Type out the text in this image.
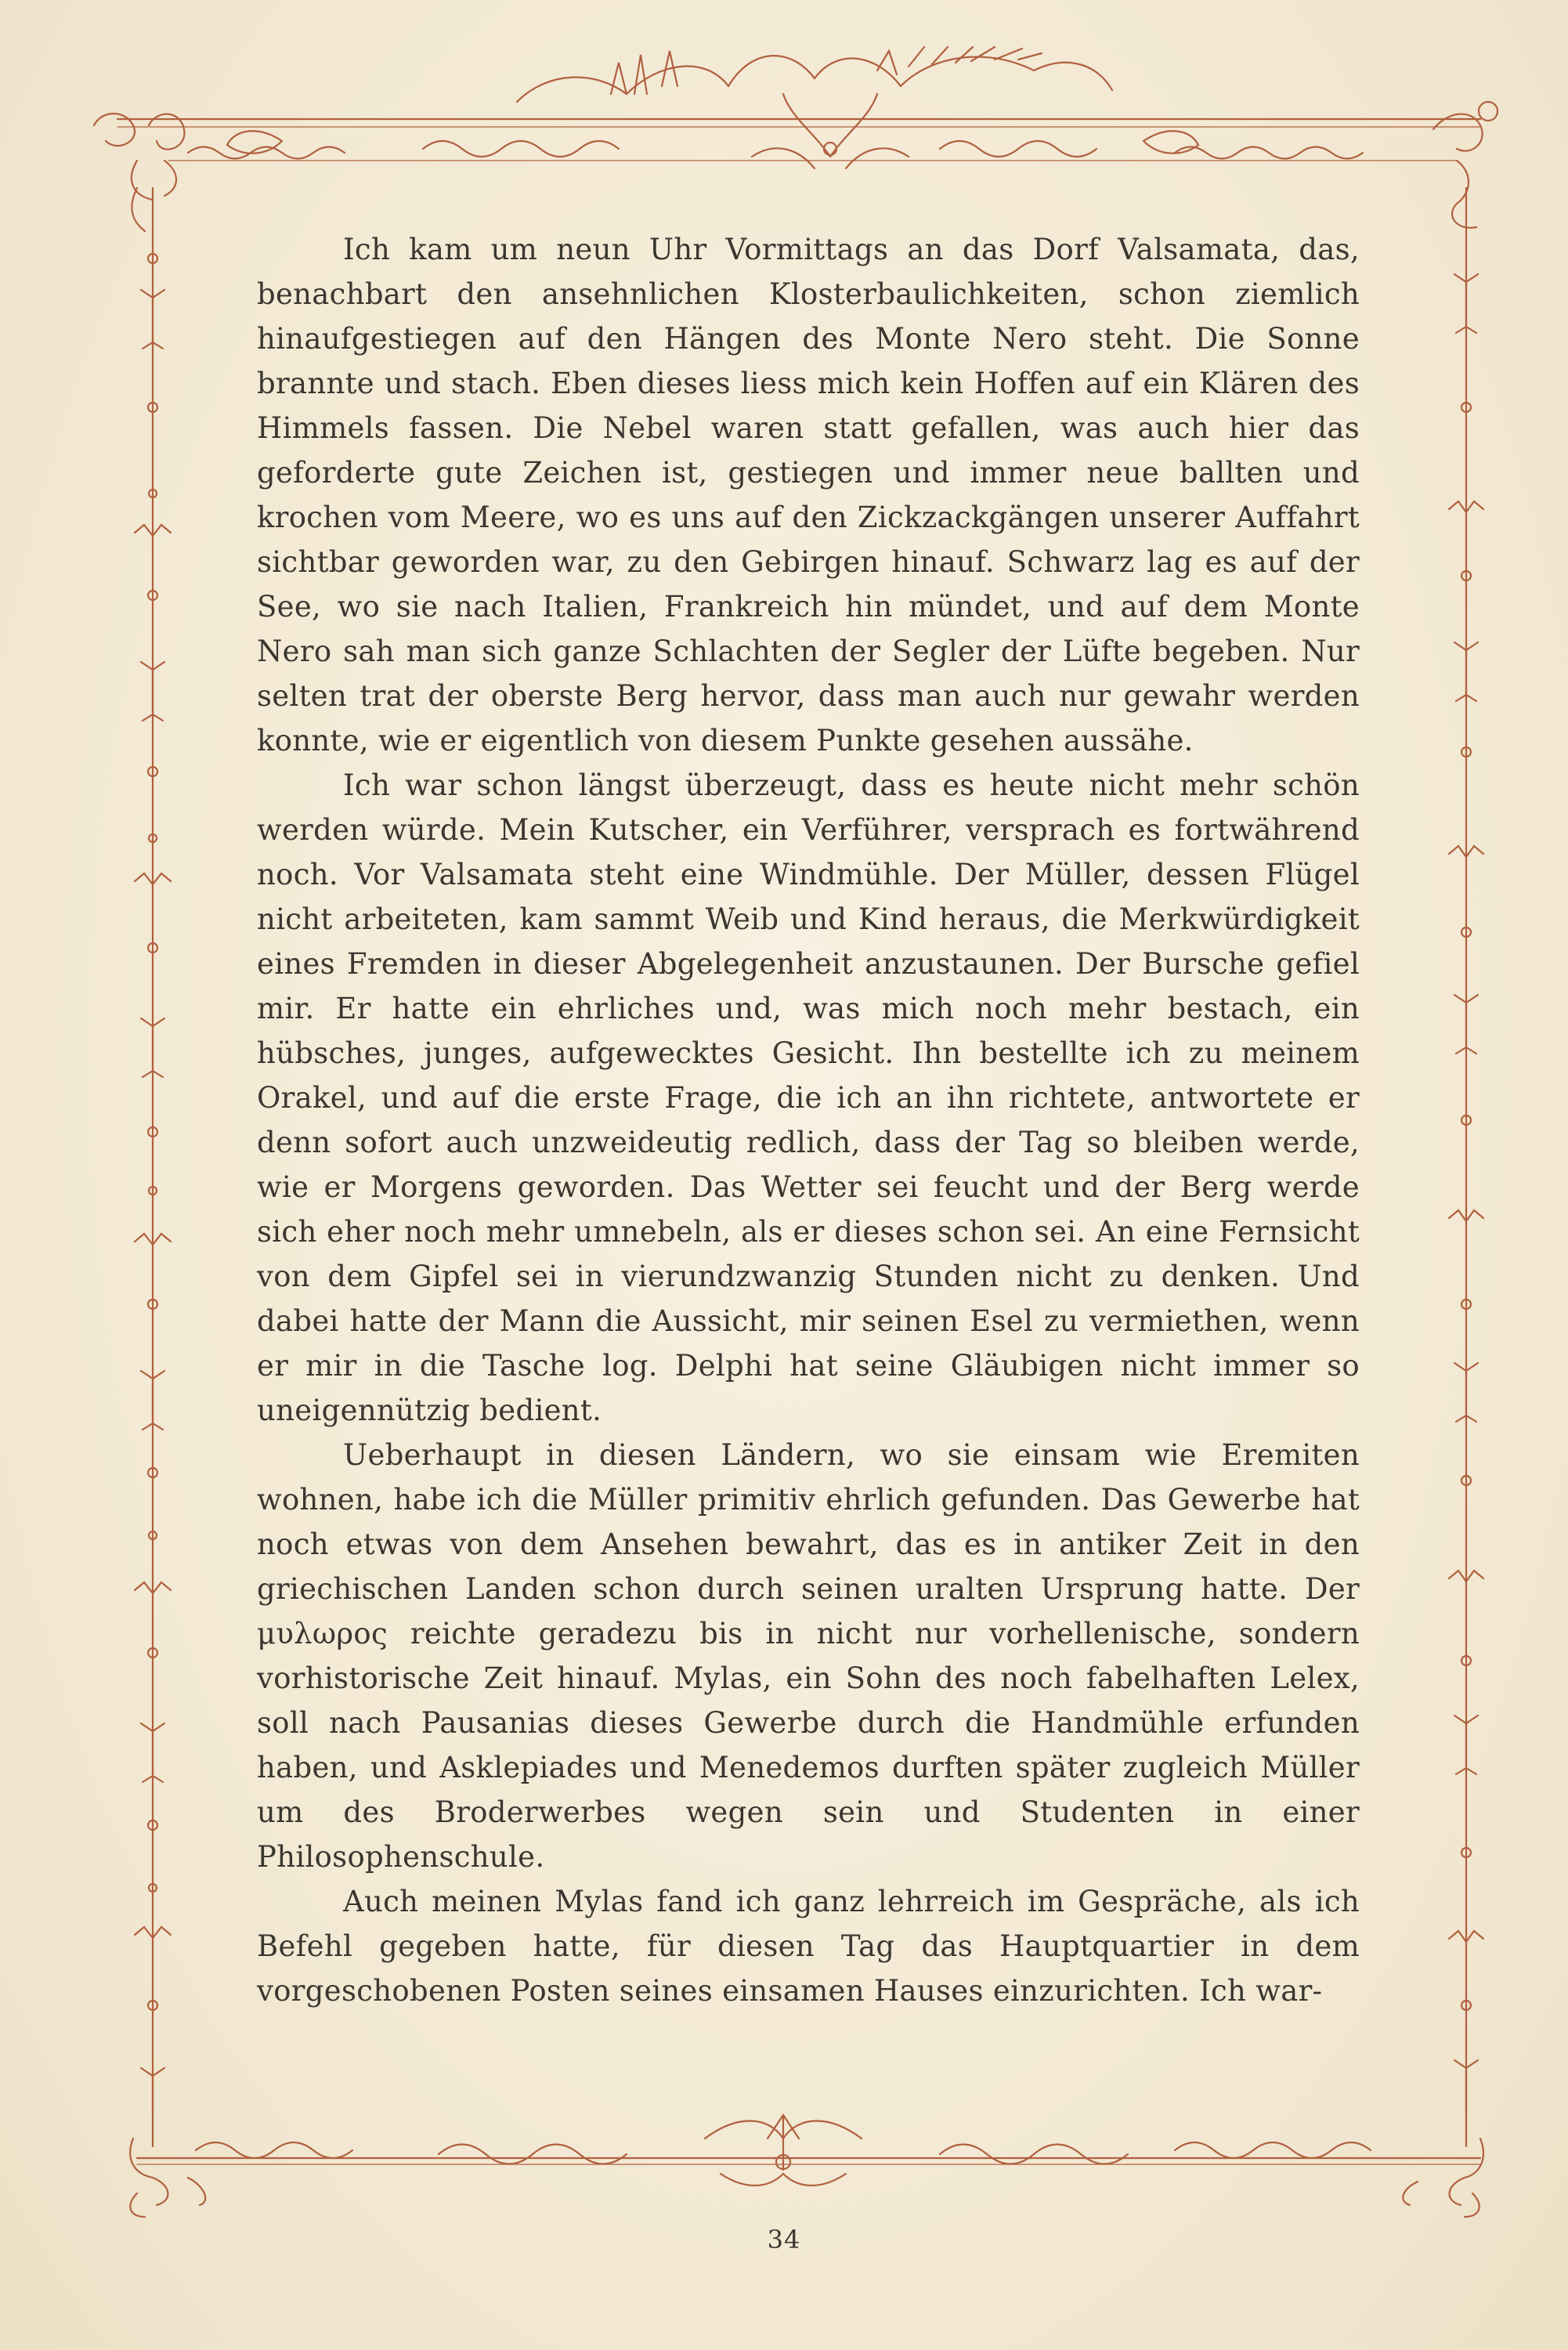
Ich kam um neun Uhr Vormittags an das Dorf Valsamata, das, benachbart den ansehnlichen Klosterbaulichkeiten, schon ziemlich hinaufgestiegen auf den Hängen des Monte Nero steht. Die Sonne brannte und stach. Eben dieses liess mich kein Hoffen auf ein Klären des Himmels fassen. Die Nebel waren statt gefallen, was auch hier das geforderte gute Zeichen ist, gestiegen und immer neue ballten und krochen vom Meere, wo es uns auf den Zickzackgängen unserer Auffahrt sichtbar geworden war, zu den Gebirgen hinauf. Schwarz lag es auf der See, wo sie nach Italien, Frankreich hin mündet, und auf dem Monte Nero sah man sich ganze Schlachten der Segler der Lüfte begeben. Nur selten trat der oberste Berg hervor, dass man auch nur gewahr werden konnte, wie er eigentlich von diesem Punkte gesehen aussähe.

Ich war schon längst überzeugt, dass es heute nicht mehr schön werden würde. Mein Kutscher, ein Verführer, versprach es fortwährend noch. Vor Valsamata steht eine Windmühle. Der Müller, dessen Flügel nicht arbeiteten, kam sammt Weib und Kind heraus, die Merkwürdigkeit eines Fremden in dieser Abgelegenheit anzustaunen. Der Bursche gefiel mir. Er hatte ein ehrliches und, was mich noch mehr bestach, ein hübsches, junges, aufgewecktes Gesicht. Ihn bestellte ich zu meinem Orakel, und auf die erste Frage, die ich an ihn richtete, antwortete er denn sofort auch unzweideutig redlich, dass der Tag so bleiben werde, wie er Morgens geworden. Das Wetter sei feucht und der Berg werde sich eher noch mehr umnebeln, als er dieses schon sei. An eine Fernsicht von dem Gipfel sei in vierundzwanzig Stunden nicht zu denken. Und dabei hatte der Mann die Aussicht, mir seinen Esel zu vermiethen, wenn er mir in die Tasche log. Delphi hat seine Gläubigen nicht immer so uneigennützig bedient.

Ueberhaupt in diesen Ländern, wo sie einsam wie Eremiten wohnen, habe ich die Müller primitiv ehrlich gefunden. Das Gewerbe hat noch etwas von dem Ansehen bewahrt, das es in antiker Zeit in den griechischen Landen schon durch seinen uralten Ursprung hatte. Der μυλωρος reichte geradezu bis in nicht nur vorhellenische, sondern vorhistorische Zeit hinauf. Mylas, ein Sohn des noch fabelhaften Lelex, soll nach Pausanias dieses Gewerbe durch die Handmühle erfunden haben, und Asklepiades und Menedemos durften später zugleich Müller um des Broderwerbes wegen sein und Studenten in einer Philosophenschule.

Auch meinen Mylas fand ich ganz lehrreich im Gespräche, als ich Befehl gegeben hatte, für diesen Tag das Hauptquartier in dem vorgeschobenen Posten seines einsamen Hauses einzurichten. Ich war-

34
